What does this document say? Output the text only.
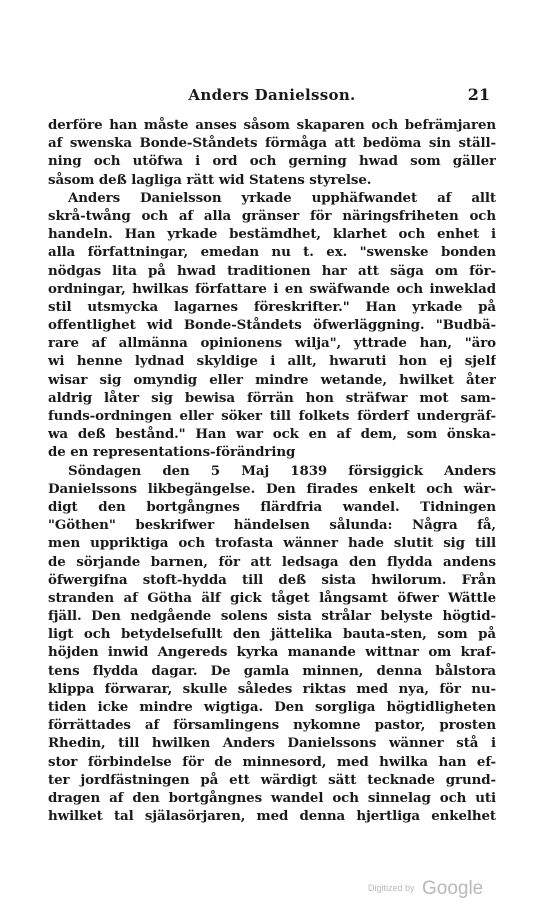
Anders Danielsson.	21
derföre han måste anses såsom skaparen och befrämjaren
af swenska Bonde-Ståndets förmåga att bedöma sin ställ-
ning och utöfwa i ord och gerning hwad som gäller
såsom deß lagliga rätt wid Statens styrelse.
Anders Danielsson yrkade upphäfwandet af allt
skrå-twång och af alla gränser för näringsfriheten och
handeln. Han yrkade bestämdhet, klarhet och enhet i
alla författningar, emedan nu t. ex. "swenske bonden
nödgas lita på hwad traditionen har att säga om för-
ordningar, hwilkas författare i en swäfwande och inweklad
stil utsmycka lagarnes föreskrifter." Han yrkade på
offentlighet wid Bonde-Ståndets öfwerläggning. "Budbä-
rare af allmänna opinionens wilja", yttrade han, "äro
wi henne lydnad skyldige i allt, hwaruti hon ej sjelf
wisar sig omyndig eller mindre wetande, hwilket åter
aldrig låter sig bewisa förrän hon sträfwar mot sam-
funds-ordningen eller söker till folkets förderf undergräf-
wa deß bestånd." Han war ock en af dem, som önska-
de en representations-förändring
Söndagen den 5 Maj 1839 försiggick Anders
Danielssons likbegängelse. Den firades enkelt och wär-
digt den bortgångnes flärdfria wandel. Tidningen
"Göthen" beskrifwer händelsen sålunda: Några få,
men uppriktiga och trofasta wänner hade slutit sig till
de sörjande barnen, för att ledsaga den flydda andens
öfwergifna stoft-hydda till deß sista hwilorum. Från
stranden af Götha älf gick tåget långsamt öfwer Wättle
fjäll. Den nedgående solens sista strålar belyste högtid-
ligt och betydelsefullt den jättelika bauta-sten, som på
höjden inwid Angereds kyrka manande wittnar om kraf-
tens flydda dagar. De gamla minnen, denna bålstora
klippa förwarar, skulle således riktas med nya, för nu-
tiden icke mindre wigtiga. Den sorgliga högtidligheten
förrättades af församlingens nykomne pastor, prosten
Rhedin, till hwilken Anders Danielssons wänner stå i
stor förbindelse för de minnesord, med hwilka han ef-
ter jordfästningen på ett wärdigt sätt tecknade grund-
dragen af den bortgångnes wandel och sinnelag och uti
hwilket tal själasörjaren, med denna hjertliga enkelhet
Digitized by Google
